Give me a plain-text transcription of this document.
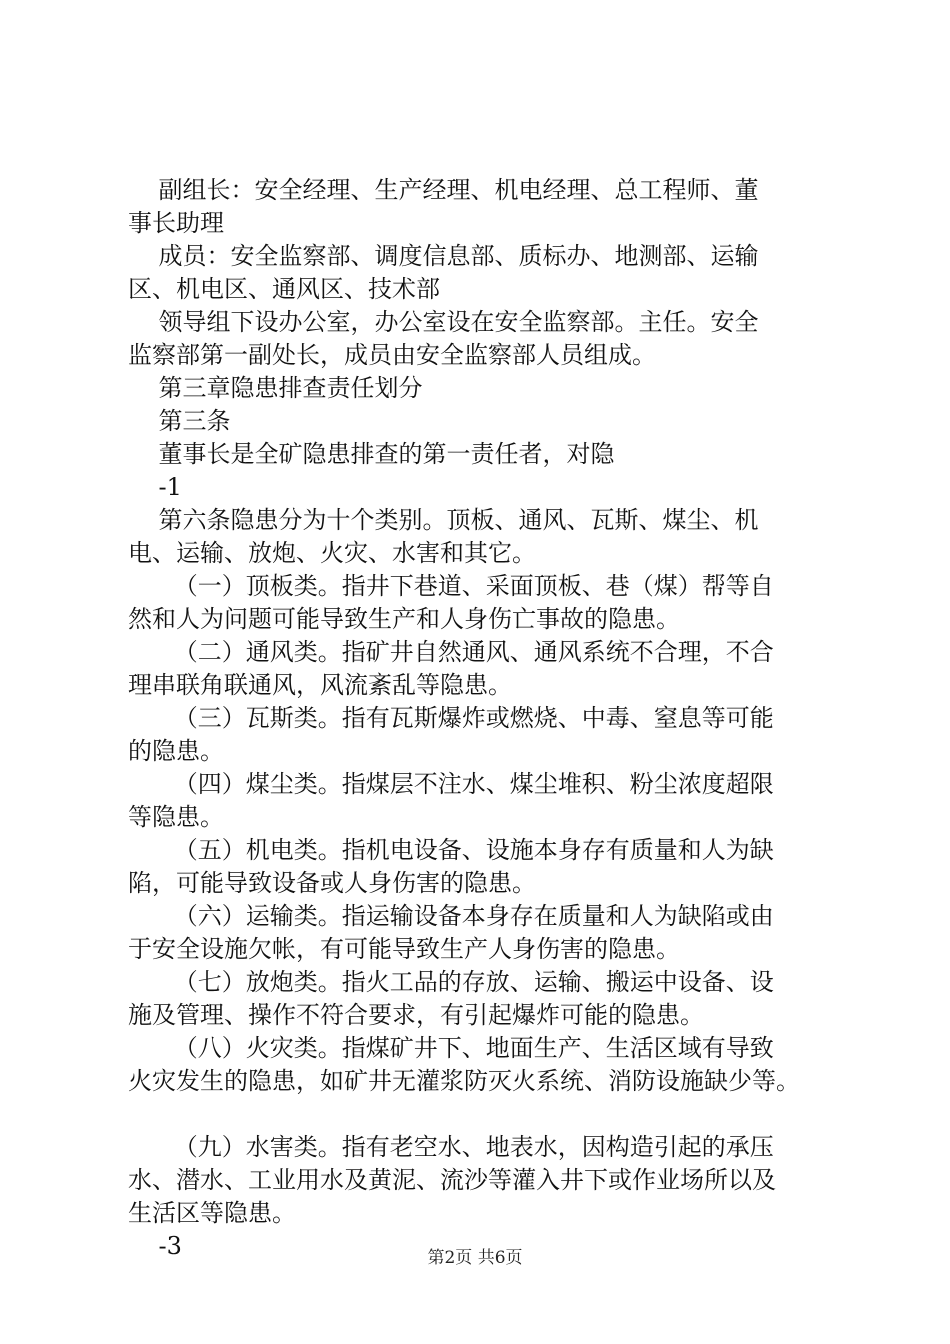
副组长：安全经理、生产经理、机电经理、总工程师、董
事长助理
成员：安全监察部、调度信息部、质标办、地测部、运输
区、机电区、通风区、技术部
领导组下设办公室，办公室设在安全监察部。主任。安全
监察部第一副处长，成员由安全监察部人员组成。
第三章隐患排查责任划分
第三条
董事长是全矿隐患排查的第一责任者，对隐
-1
第六条隐患分为十个类别。顶板、通风、瓦斯、煤尘、机
电、运输、放炮、火灾、水害和其它。
（一）顶板类。指井下巷道、采面顶板、巷（煤）帮等自
然和人为问题可能导致生产和人身伤亡事故的隐患。
（二）通风类。指矿井自然通风、通风系统不合理，不合
理串联角联通风，风流紊乱等隐患。
（三）瓦斯类。指有瓦斯爆炸或燃烧、中毒、窒息等可能
的隐患。
（四）煤尘类。指煤层不注水、煤尘堆积、粉尘浓度超限
等隐患。
（五）机电类。指机电设备、设施本身存有质量和人为缺
陷，可能导致设备或人身伤害的隐患。
（六）运输类。指运输设备本身存在质量和人为缺陷或由
于安全设施欠帐，有可能导致生产人身伤害的隐患。
（七）放炮类。指火工品的存放、运输、搬运中设备、设
施及管理、操作不符合要求，有引起爆炸可能的隐患。
（八）火灾类。指煤矿井下、地面生产、生活区域有导致
火灾发生的隐患，如矿井无灌浆防灭火系统、消防设施缺少等。
（九）水害类。指有老空水、地表水，因构造引起的承压
水、潜水、工业用水及黄泥、流沙等灌入井下或作业场所以及
生活区等隐患。
-3	第2页 共6页
